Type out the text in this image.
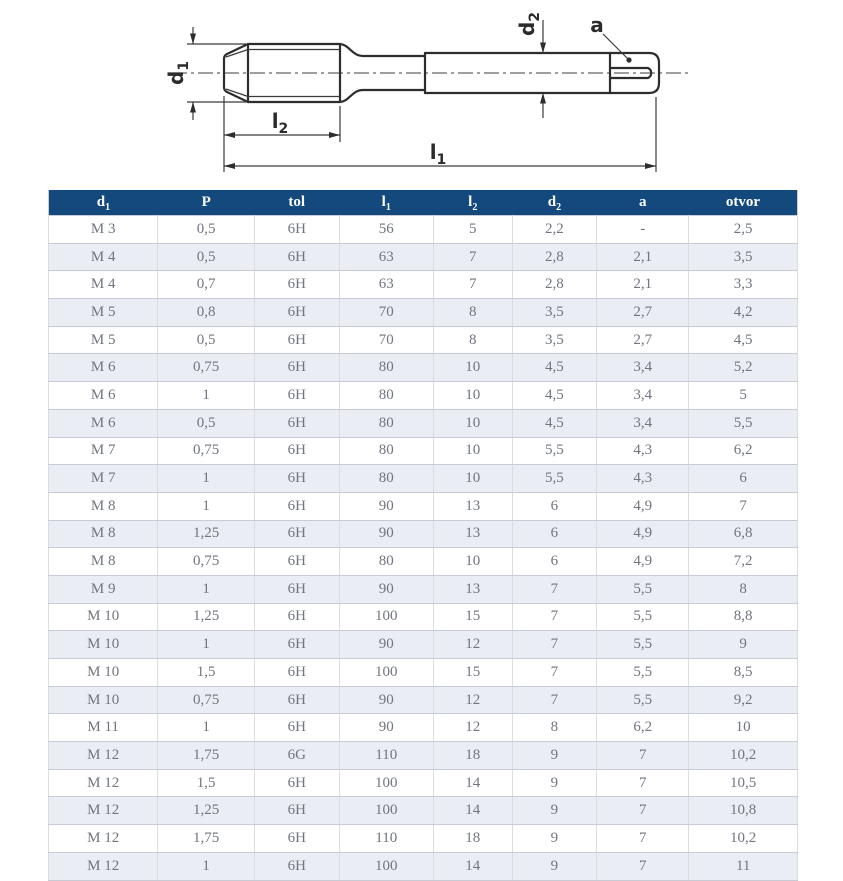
$d_1$
$l_2$
$l_1$
$d_2$ a
$d_1$	P	tol	$l_1$	$l_2$	$d_2$	a	otvor
M 3	0,5	6H	56	5	2,2	-	2,5
M 4	0,5	6H	63	7	2,8	2,1	3,5
M 4	0,7	6H	63	7	2,8	2,1	3,3
M 5	0,8	6H	70	8	3,5	2,7	4,2
M 5	0,5	6H	70	8	3,5	2,7	4,5
M 6	0,75	6H	80	10	4,5	3,4	5,2
M 6	1	6H	80	10	4,5	3,4	5
M 6	0,5	6H	80	10	4,5	3,4	5,5
M 7	0,75	6H	80	10	5,5	4,3	6,2
M 7	1	6H	80	10	5,5	4,3	6
M 8	1	6H	90	13	6	4,9	7
M 8	1,25	6H	90	13	6	4,9	6,8
M 8	0,75	6H	80	10	6	4,9	7,2
M 9	1	6H	90	13	7	5,5	8
M 10	1,25	6H	100	15	7	5,5	8,8
M 10	1	6H	90	12	7	5,5	9
M 10	1,5	6H	100	15	7	5,5	8,5
M 10	0,75	6H	90	12	7	5,5	9,2
M 11	1	6H	90	12	8	6,2	10
M 12	1,75	6G	110	18	9	7	10,2
M 12	1,5	6H	100	14	9	7	10,5
M 12	1,25	6H	100	14	9	7	10,8
M 12	1,75	6H	110	18	9	7	10,2
M 12	1	6H	100	14	9	7	11
